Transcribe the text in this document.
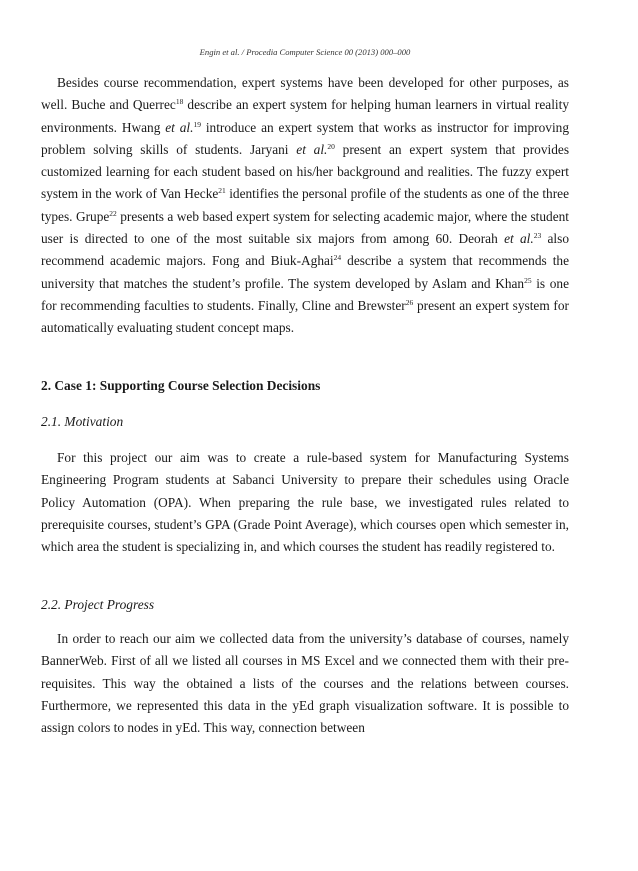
Engin et al. / Procedia Computer Science 00 (2013) 000–000

Besides course recommendation, expert systems have been developed for other purposes, as well. Buche and Querrec$^{18}$ describe an expert system for helping human learners in virtual reality environments. Hwang et al.$^{19}$ introduce an expert system that works as instructor for improving problem solving skills of students. Jaryani et al.$^{20}$ present an expert system that provides customized learning for each student based on his/her background and realities. The fuzzy expert system in the work of Van Hecke$^{21}$ identifies the personal profile of the students as one of the three types. Grupe$^{22}$ presents a web based expert system for selecting academic major, where the student user is directed to one of the most suitable six majors from among 60. Deorah et al.$^{23}$ also recommend academic majors. Fong and Biuk-Aghai$^{24}$ describe a system that recommends the university that matches the student’s profile. The system developed by Aslam and Khan$^{25}$ is one for recommending faculties to students. Finally, Cline and Brewster$^{26}$ present an expert system for automatically evaluating student concept maps.

2. Case 1: Supporting Course Selection Decisions
2.1. Motivation

For this project our aim was to create a rule-based system for Manufacturing Systems Engineering Program students at Sabanci University to prepare their schedules using Oracle Policy Automation (OPA). When preparing the rule base, we investigated rules related to prerequisite courses, student’s GPA (Grade Point Average), which courses open which semester in, which area the student is specializing in, and which courses the student has readily registered to.

2.2. Project Progress

In order to reach our aim we collected data from the university’s database of courses, namely BannerWeb. First of all we listed all courses in MS Excel and we connected them with their pre-requisites. This way the obtained a lists of the courses and the relations between courses. Furthermore, we represented this data in the yEd graph visualization software. It is possible to assign colors to nodes in yEd. This way, connection between
